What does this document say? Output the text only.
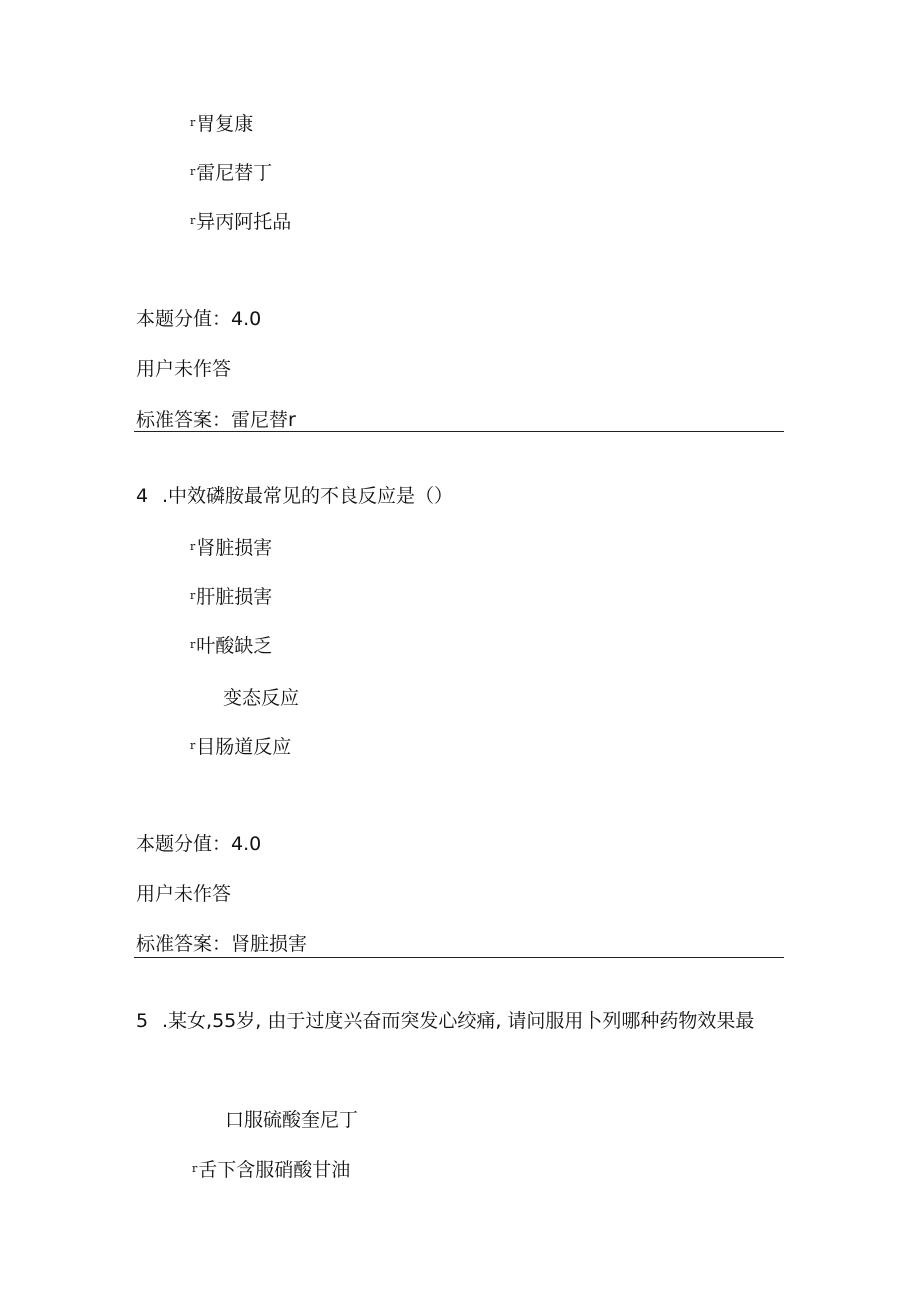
r胃复康
r雷尼替丁
r异丙阿托品
本题分值：4.0
用户未作答
标准答案：雷尼替r
4 .中效磷胺最常见的不良反应是（）
r肾脏损害
r肝脏损害
r叶酸缺乏
变态反应
r目肠道反应
本题分值：4.0
用户未作答
标准答案：肾脏损害
5 .某女,55岁, 由于过度兴奋而突发心绞痛, 请问服用卜列哪种药物效果最
口服硫酸奎尼丁
r舌下含服硝酸甘油
